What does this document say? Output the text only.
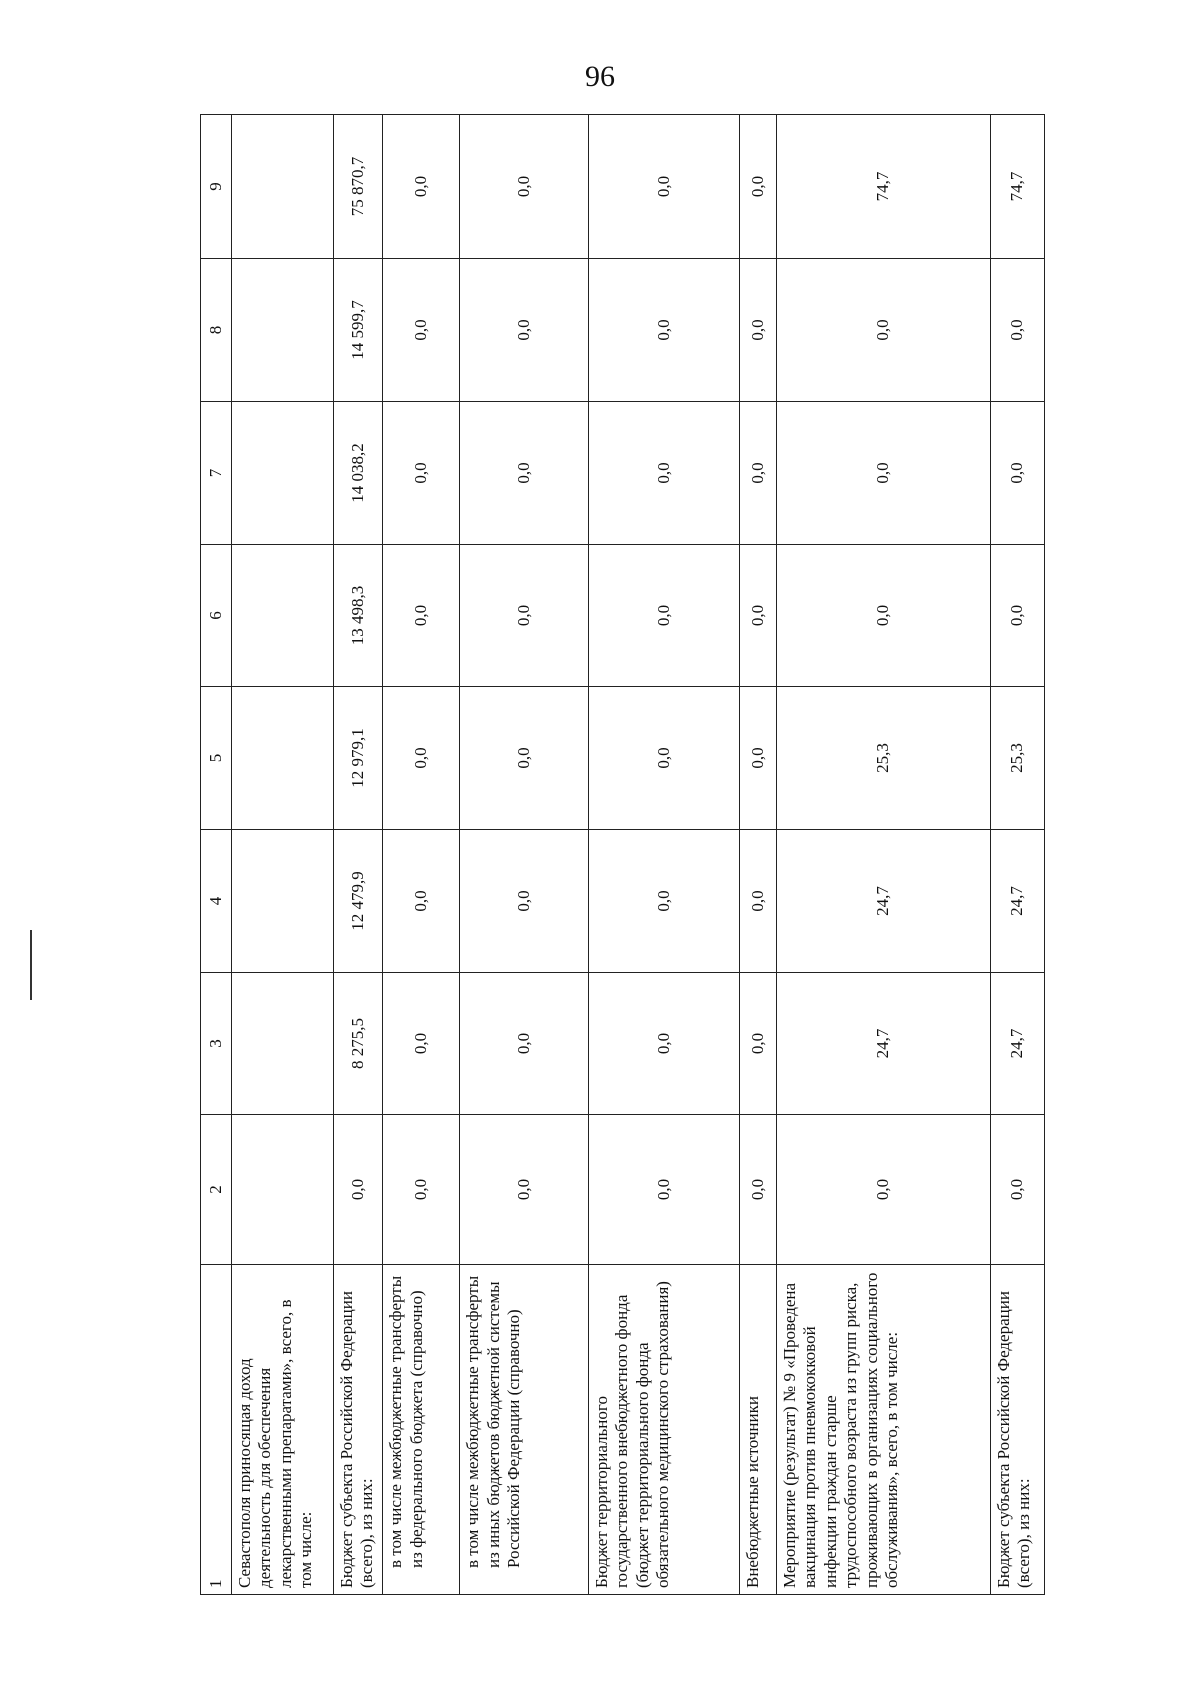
96
1	2	3	4	5	6	7	8	9
Севастополя приносящая доход деятельность для обеспечения лекарственными препаратами», всего, в том числе:								
Бюджет субъекта Российской Федерации (всего), из них:	0,0	8 275,5	12 479,9	12 979,1	13 498,3	14 038,2	14 599,7	75 870,7
в том числе межбюджетные трансферты из федерального бюджета (справочно)	0,0	0,0	0,0	0,0	0,0	0,0	0,0	0,0
в том числе межбюджетные трансферты из иных бюджетов бюджетной системы Российской Федерации (справочно)	0,0	0,0	0,0	0,0	0,0	0,0	0,0	0,0
Бюджет территориального государственного внебюджетного фонда (бюджет территориального фонда обязательного медицинского страхования)	0,0	0,0	0,0	0,0	0,0	0,0	0,0	0,0
Внебюджетные источники	0,0	0,0	0,0	0,0	0,0	0,0	0,0	0,0
Мероприятие (результат) № 9 «Проведена вакцинация против пневмококковой инфекции граждан старше трудоспособного возраста из групп риска, проживающих в организациях социального обслуживания», всего, в том числе:	0,0	24,7	24,7	25,3	0,0	0,0	0,0	74,7
Бюджет субъекта Российской Федерации (всего), из них:	0,0	24,7	24,7	25,3	0,0	0,0	0,0	74,7
